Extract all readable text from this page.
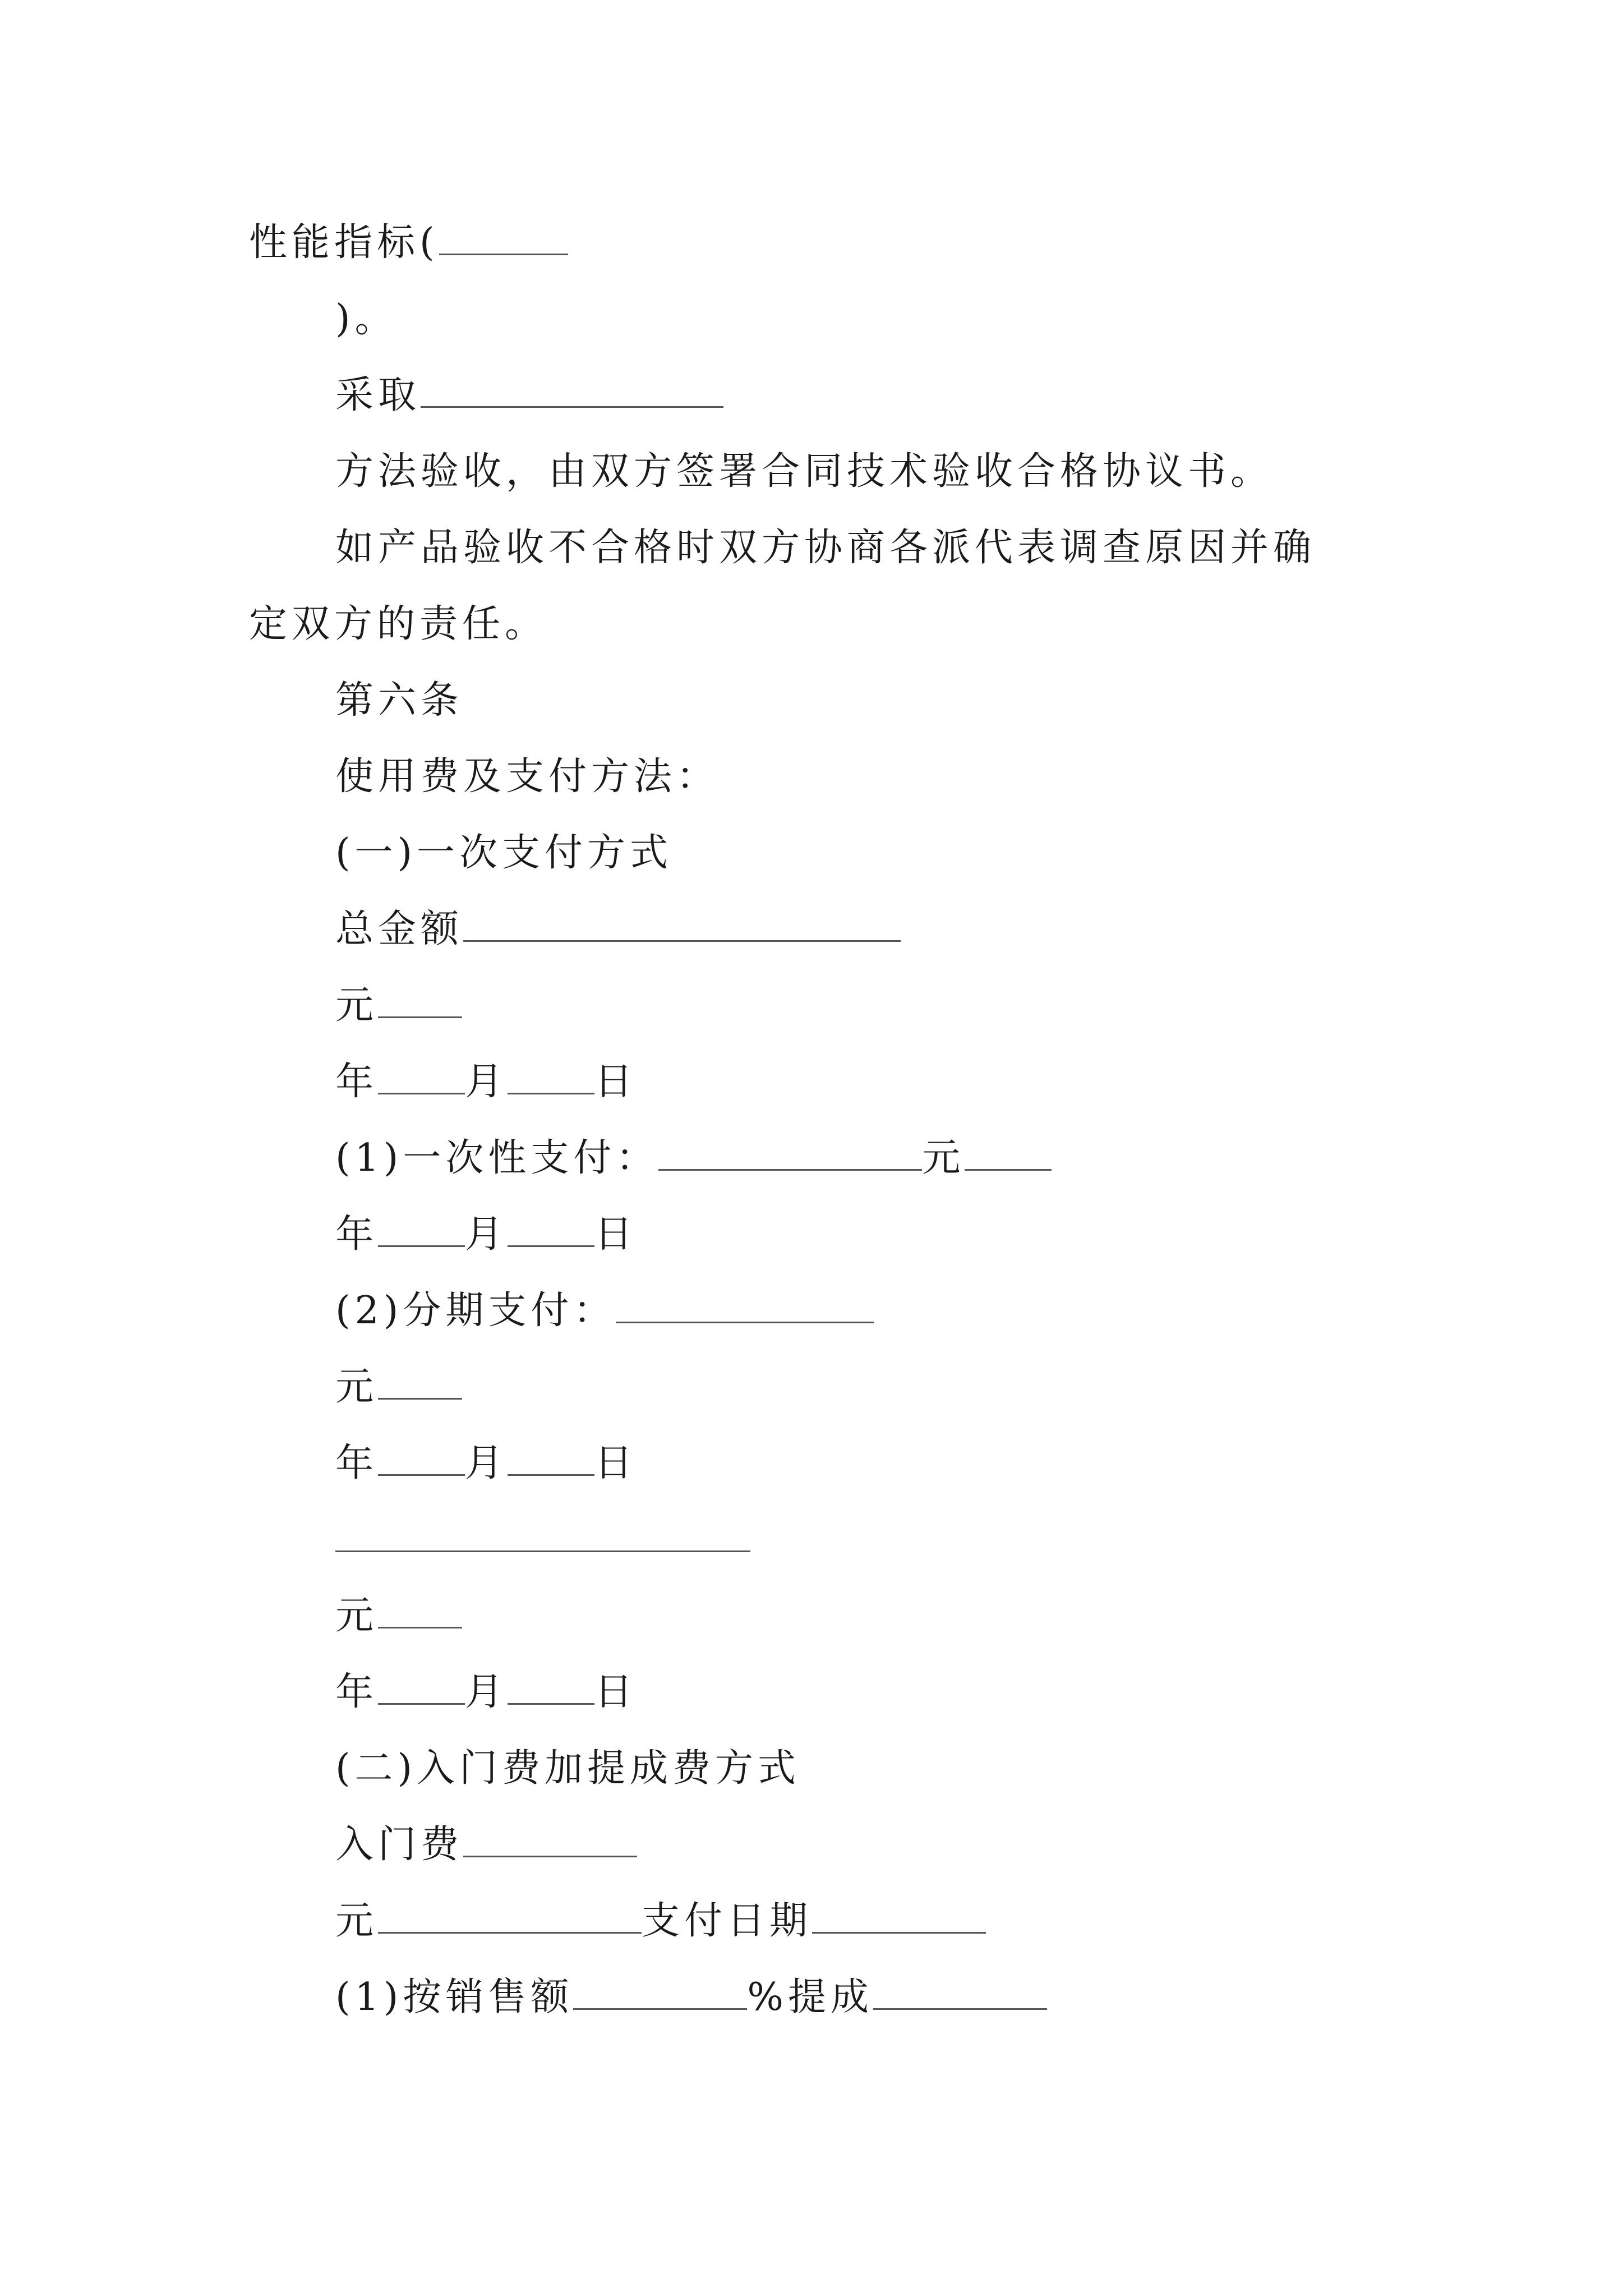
性能指标(
)。
采取
方法验收，由双方签署合同技术验收合格协议书。
如产品验收不合格时双方协商各派代表调查原因并确
定双方的责任。
第六条
使用费及支付方法：
(一)一次支付方式
总金额
元
年 月 日
(1)一次性支付：	元
年 月 日
(2)分期支付：
元
年 月 日
元
年 月 日
(二)入门费加提成费方式
入门费
元	支付日期
(1)按销售额	%提成
